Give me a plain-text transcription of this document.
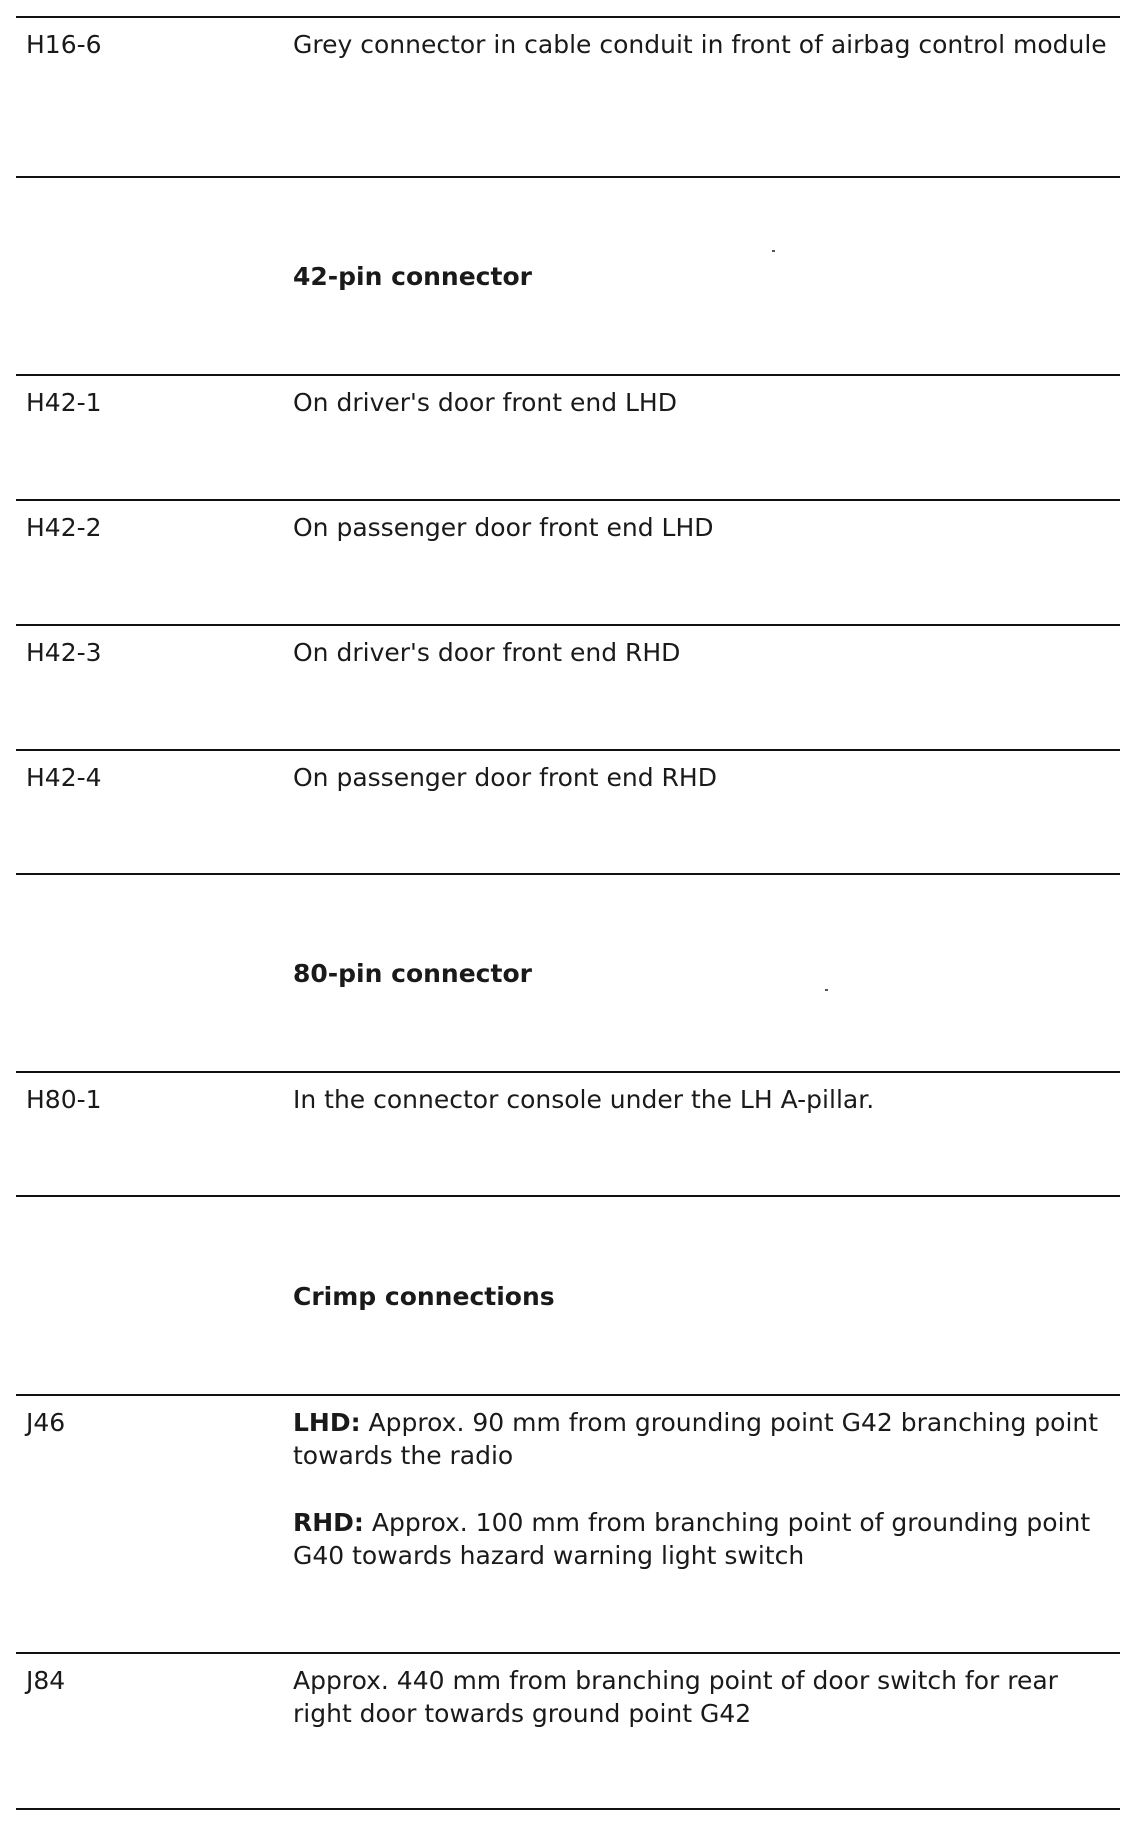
H16-6	Grey connector in cable conduit in front of airbag control module
42-pin connector
H42-1	On driver's door front end LHD
H42-2	On passenger door front end LHD
H42-3	On driver's door front end RHD
H42-4	On passenger door front end RHD
80-pin connector
H80-1	In the connector console under the LH A-pillar.
Crimp connections
J46	LHD: Approx. 90 mm from grounding point G42 branching point towards the radio

RHD: Approx. 100 mm from branching point of grounding point G40 towards hazard warning light switch

J84	Approx. 440 mm from branching point of door switch for rear right door towards ground point G42
